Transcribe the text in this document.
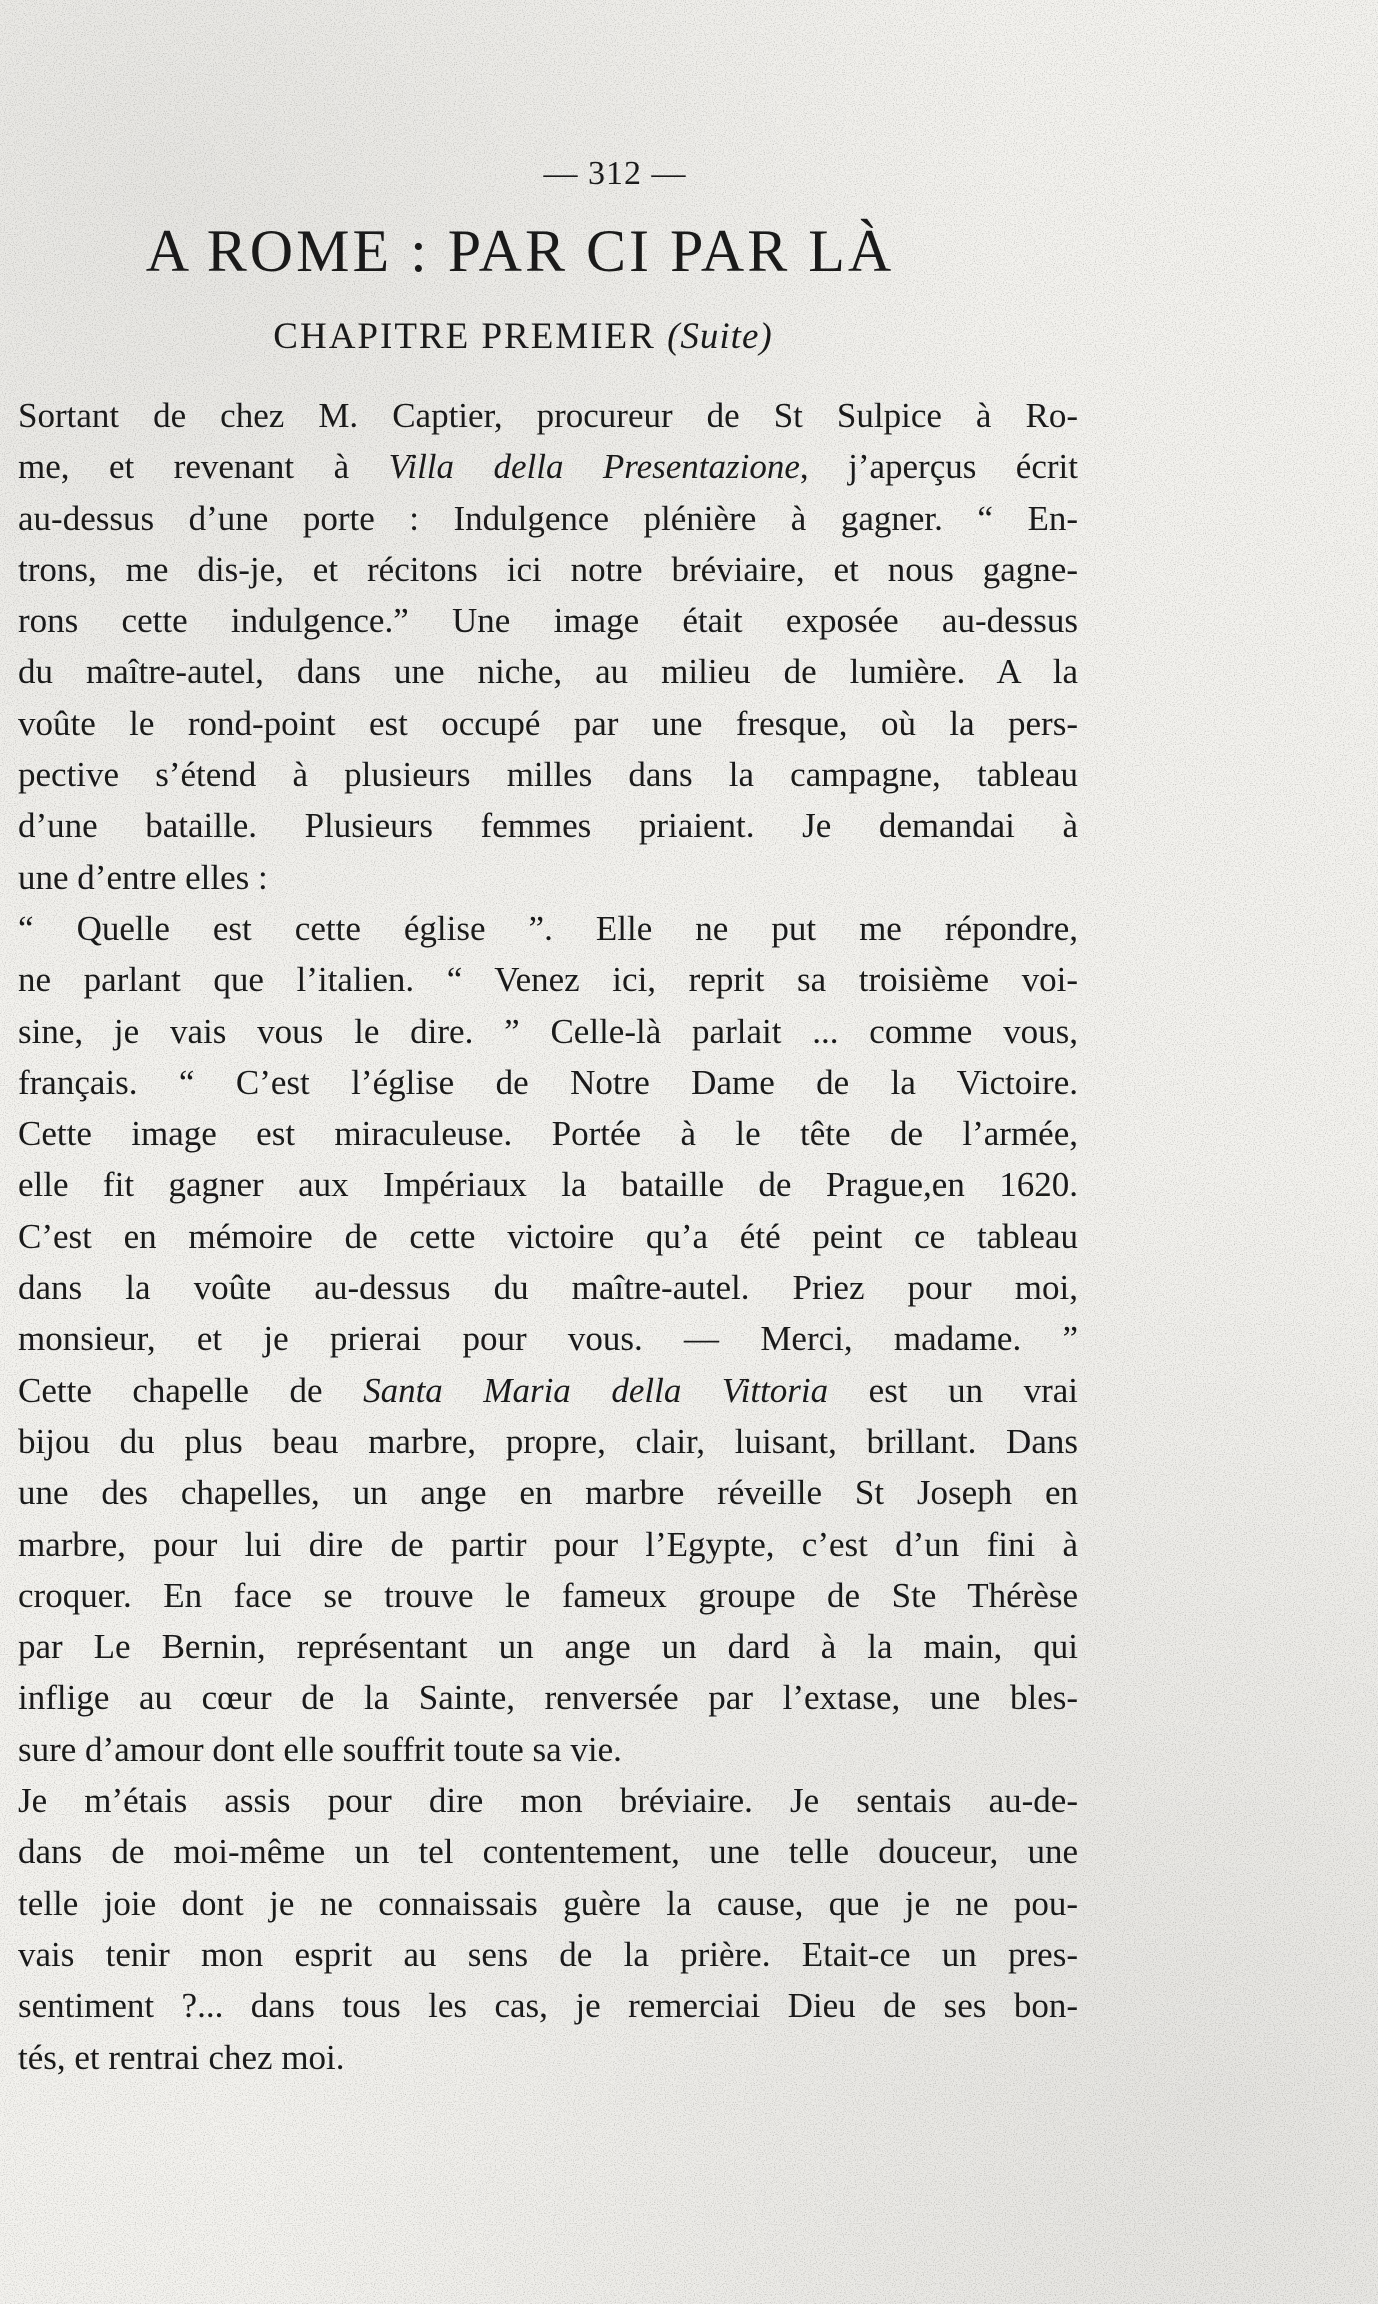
— 312 —
A ROME : PAR CI PAR LÀ
CHAPITRE PREMIER (Suite)
Sortant de chez M. Captier, procureur de St Sulpice à Ro-
me, et revenant à Villa della Presentazione, j’aperçus écrit
au-dessus d’une porte : Indulgence plénière à gagner. “ En-
trons, me dis-je, et récitons ici notre bréviaire, et nous gagne-
rons cette indulgence.” Une image était exposée au-dessus
du maître-autel, dans une niche, au milieu de lumière. A la
voûte le rond-point est occupé par une fresque, où la pers-
pective s’étend à plusieurs milles dans la campagne, tableau
d’une bataille. Plusieurs femmes priaient. Je demandai à
une d’entre elles :
“ Quelle est cette église ”. Elle ne put me répondre,
ne parlant que l’italien. “ Venez ici, reprit sa troisième voi-
sine, je vais vous le dire. ” Celle-là parlait ... comme vous,
français. “ C’est l’église de Notre Dame de la Victoire.
Cette image est miraculeuse. Portée à le tête de l’armée,
elle fit gagner aux Impériaux la bataille de Prague,en 1620.
C’est en mémoire de cette victoire qu’a été peint ce tableau
dans la voûte au-dessus du maître-autel. Priez pour moi,
monsieur, et je prierai pour vous. — Merci, madame. ”
Cette chapelle de Santa Maria della Vittoria est un vrai
bijou du plus beau marbre, propre, clair, luisant, brillant. Dans
une des chapelles, un ange en marbre réveille St Joseph en
marbre, pour lui dire de partir pour l’Egypte, c’est d’un fini à
croquer. En face se trouve le fameux groupe de Ste Thérèse
par Le Bernin, représentant un ange un dard à la main, qui
inflige au cœur de la Sainte, renversée par l’extase, une bles-
sure d’amour dont elle souffrit toute sa vie.
Je m’étais assis pour dire mon bréviaire. Je sentais au-de-
dans de moi-même un tel contentement, une telle douceur, une
telle joie dont je ne connaissais guère la cause, que je ne pou-
vais tenir mon esprit au sens de la prière. Etait-ce un pres-
sentiment ?... dans tous les cas, je remerciai Dieu de ses bon-
tés, et rentrai chez moi.
